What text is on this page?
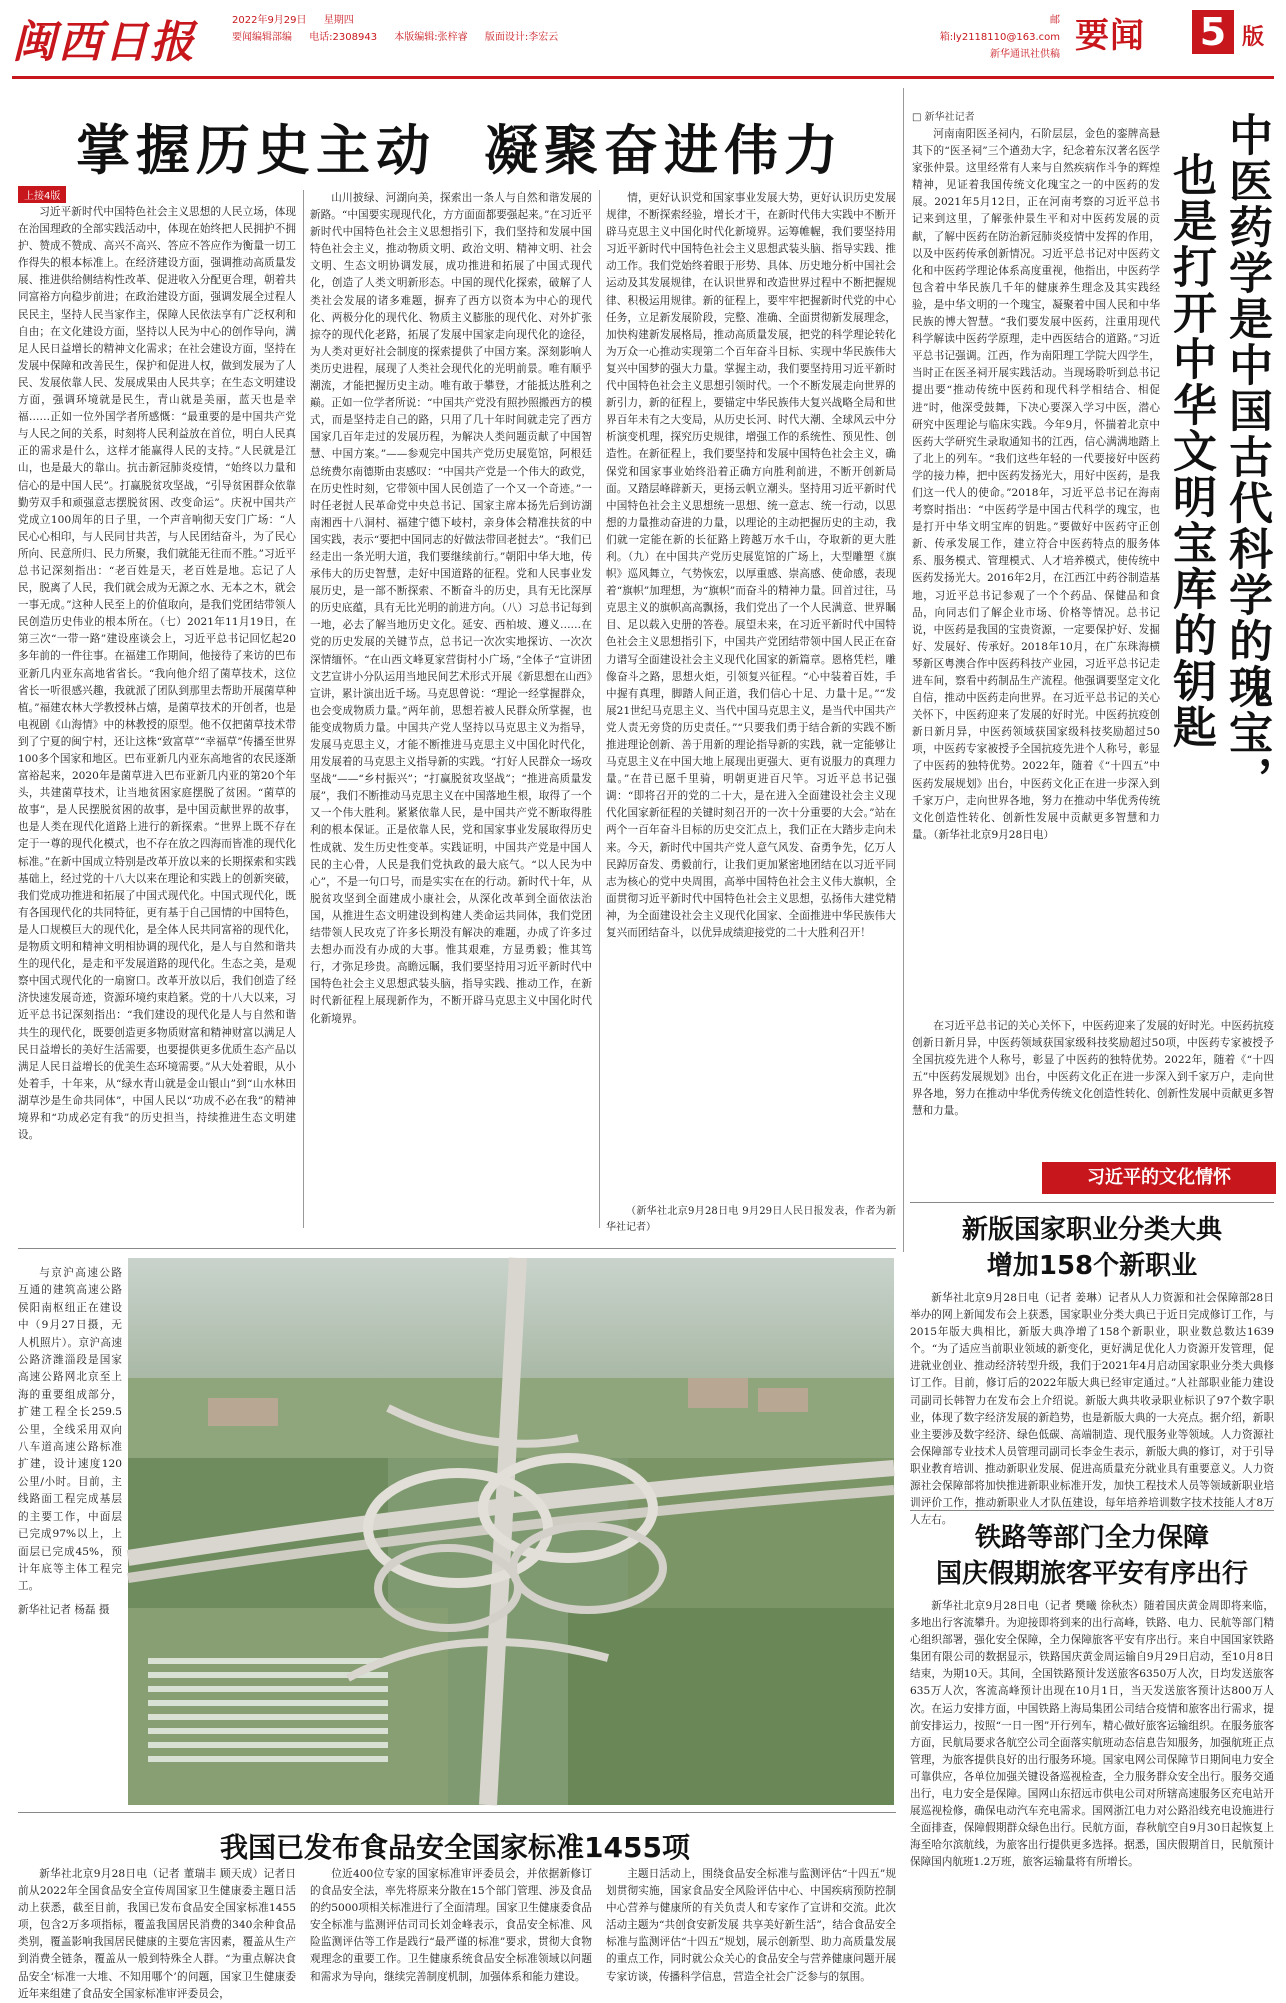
闽西日报	2022年9月29日 星期四
要闻编辑部编 电话:2308943 本版编辑:张梓睿 版面设计:李宏云
邮箱:ly2118110@163.com
新华通讯社供稿 要闻 5 版
掌握历史主动 凝聚奋进伟力
上接4版

习近平新时代中国特色社会主义思想的人民立场，体现在治国理政的全部实践活动中，体现在始终把人民拥护不拥护、赞成不赞成、高兴不高兴、答应不答应作为衡量一切工作得失的根本标准上。在经济建设方面，强调推动高质量发展、推进供给侧结构性改革、促进收入分配更合理，朝着共同富裕方向稳步前进；在政治建设方面，强调发展全过程人民民主，坚持人民当家作主，保障人民依法享有广泛权利和自由；在文化建设方面，坚持以人民为中心的创作导向，满足人民日益增长的精神文化需求；在社会建设方面，坚持在发展中保障和改善民生，保护和促进人权，做到发展为了人民、发展依靠人民、发展成果由人民共享；在生态文明建设方面，强调环境就是民生，青山就是美丽，蓝天也是幸福……正如一位外国学者所感慨：“最重要的是中国共产党与人民之间的关系，时刻将人民利益放在首位，明白人民真正的需求是什么，这样才能赢得人民的支持。”人民就是江山，也是最大的靠山。抗击新冠肺炎疫情，“始终以力量和信心的是中国人民”。打赢脱贫攻坚战，“引导贫困群众依靠勤劳双手和顽强意志摆脱贫困、改变命运”。庆祝中国共产党成立100周年的日子里，一个声音响彻天安门广场：“人民心心相印，与人民同甘共苦，与人民团结奋斗，为了民心所向、民意所归、民力所聚，我们就能无往而不胜。”习近平总书记深刻指出：“老百姓是天，老百姓是地。忘记了人民，脱离了人民，我们就会成为无源之水、无本之木，就会一事无成。”这种人民至上的价值取向，是我们党团结带领人民创造历史伟业的根本所在。（七）2021年11月19日，在第三次“一带一路”建设座谈会上，习近平总书记回忆起20多年前的一件往事。在福建工作期间，他接待了来访的巴布亚新几内亚东高地省省长。“我向他介绍了菌草技术，这位省长一听很感兴趣，我就派了团队到那里去帮助开展菌草种植。”福建农林大学教授林占熺，是菌草技术的开创者，也是电视剧《山海情》中的林教授的原型。他不仅把菌草技术带到了宁夏的闽宁村，还让这株“致富草”“幸福草”传播至世界100多个国家和地区。巴布亚新几内亚东高地省的农民逐渐富裕起来，2020年是菌草进入巴布亚新几内亚的第20个年头，共建菌草技术，让当地贫困家庭摆脱了贫困。“菌草的故事”，是人民摆脱贫困的故事，是中国贡献世界的故事，也是人类在现代化道路上进行的新探索。“世界上既不存在定于一尊的现代化模式，也不存在放之四海而皆准的现代化标准。”在新中国成立特别是改革开放以来的长期探索和实践基础上，经过党的十八大以来在理论和实践上的创新突破，我们党成功推进和拓展了中国式现代化。中国式现代化，既有各国现代化的共同特征，更有基于自己国情的中国特色，是人口规模巨大的现代化，是全体人民共同富裕的现代化，是物质文明和精神文明相协调的现代化，是人与自然和谐共生的现代化，是走和平发展道路的现代化。生态之美，是观察中国式现代化的一扇窗口。改革开放以后，我们创造了经济快速发展奇迹，资源环境约束趋紧。党的十八大以来，习近平总书记深刻指出：“我们建设的现代化是人与自然和谐共生的现代化，既要创造更多物质财富和精神财富以满足人民日益增长的美好生活需要，也要提供更多优质生态产品以满足人民日益增长的优美生态环境需要。”从大处着眼，从小处着手，十年来，从“绿水青山就是金山银山”到“山水林田湖草沙是生命共同体”，中国人民以“功成不必在我”的精神境界和“功成必定有我”的历史担当，持续推进生态文明建设。

山川披绿、河湖向美，探索出一条人与自然和谐发展的新路。“中国要实现现代化，方方面面都要强起来。”在习近平新时代中国特色社会主义思想指引下，我们坚持和发展中国特色社会主义，推动物质文明、政治文明、精神文明、社会文明、生态文明协调发展，成功推进和拓展了中国式现代化，创造了人类文明新形态。中国的现代化探索，破解了人类社会发展的诸多难题，摒弃了西方以资本为中心的现代化、两极分化的现代化、物质主义膨胀的现代化、对外扩张掠夺的现代化老路，拓展了发展中国家走向现代化的途径，为人类对更好社会制度的探索提供了中国方案。深刻影响人类历史进程，展现了人类社会现代化的光明前景。唯有顺乎潮流，才能把握历史主动。唯有敢于攀登，才能抵达胜利之巅。正如一位学者所说：“中国共产党没有照抄照搬西方的模式，而是坚持走自己的路，只用了几十年时间就走完了西方国家几百年走过的发展历程，为解决人类问题贡献了中国智慧、中国方案。”——参观完中国共产党历史展览馆，阿根廷总统费尔南德斯由衷感叹：“中国共产党是一个伟大的政党，在历史性时刻，它带领中国人民创造了一个又一个奇迹。”一时任老挝人民革命党中央总书记、国家主席本扬先后到访湖南湘西十八洞村、福建宁德下岐村，亲身体会精准扶贫的中国实践，表示“要把中国同志的好做法带回老挝去”。“我们已经走出一条光明大道，我们要继续前行。”朝阳中华大地，传承伟大的历史智慧，走好中国道路的征程。党和人民事业发展历史，是一部不断探索、不断奋斗的历史，具有无比深厚的历史底蕴，具有无比光明的前进方向。（八）习总书记每到一地，必去了解当地历史文化。延安、西柏坡、遵义……在党的历史发展的关键节点，总书记一次次实地探访、一次次深情缅怀。“在山西文峰夏家营街村小广场，”全体子“宣讲团文艺宣讲小分队运用当地民间艺术形式开展《新思想在山西》宣讲，累计演出近千场。马克思曾说：“理论一经掌握群众，也会变成物质力量。”两年前，思想若被人民群众所掌握，也能变成物质力量。中国共产党人坚持以马克思主义为指导，发展马克思主义，才能不断推进马克思主义中国化时代化，用发展着的马克思主义指导新的实践。“打好人民群众一场攻坚战”——“乡村振兴”；“打赢脱贫攻坚战”；“推进高质量发展”，我们不断推动马克思主义在中国落地生根，取得了一个又一个伟大胜利。紧紧依靠人民，是中国共产党不断取得胜利的根本保证。正是依靠人民，党和国家事业发展取得历史性成就、发生历史性变革。实践证明，中国共产党是中国人民的主心骨，人民是我们党执政的最大底气。“以人民为中心”，不是一句口号，而是实实在在的行动。新时代十年，从脱贫攻坚到全面建成小康社会，从深化改革到全面依法治国，从推进生态文明建设到构建人类命运共同体，我们党团结带领人民攻克了许多长期没有解决的难题，办成了许多过去想办而没有办成的大事。惟其艰难，方显勇毅；惟其笃行，才弥足珍贵。高瞻远瞩，我们要坚持用习近平新时代中国特色社会主义思想武装头脑，指导实践、推动工作，在新时代新征程上展现新作为，不断开辟马克思主义中国化时代化新境界。

情，更好认识党和国家事业发展大势，更好认识历史发展规律，不断探索经验，增长才干，在新时代伟大实践中不断开辟马克思主义中国化时代化新境界。运筹帷幄，我们要坚持用习近平新时代中国特色社会主义思想武装头脑、指导实践、推动工作。我们党始终着眼于形势、具体、历史地分析中国社会运动及其发展规律，在认识世界和改造世界过程中不断把握规律、积极运用规律。新的征程上，要牢牢把握新时代党的中心任务，立足新发展阶段，完整、准确、全面贯彻新发展理念，加快构建新发展格局，推动高质量发展，把党的科学理论转化为万众一心推动实现第二个百年奋斗目标、实现中华民族伟大复兴中国梦的强大力量。掌握主动，我们要坚持用习近平新时代中国特色社会主义思想引领时代。一个不断发展走向世界的新引力，新的征程上，要锚定中华民族伟大复兴战略全局和世界百年未有之大变局，从历史长河、时代大潮、全球风云中分析演变机理，探究历史规律，增强工作的系统性、预见性、创造性。在新征程上，我们要坚持和发展中国特色社会主义，确保党和国家事业始终沿着正确方向胜利前进，不断开创新局面。又踏层峰辟新天，更扬云帆立潮头。坚持用习近平新时代中国特色社会主义思想统一思想、统一意志、统一行动，以思想的力量推动奋进的力量，以理论的主动把握历史的主动，我们就一定能在新的长征路上跨越万水千山，夺取新的更大胜利。（九）在中国共产党历史展览馆的广场上，大型雕塑《旗帜》巡风舞立，气势恢宏，以厚重感、崇高感、使命感，表现着“旗帜”加理想，为“旗帜”而奋斗的精神力量。回首过往，马克思主义的旗帜高高飘扬，我们党出了一个人民满意、世界瞩目、足以载入史册的答卷。展望未来，在习近平新时代中国特色社会主义思想指引下，中国共产党团结带领中国人民正在奋力谱写全面建设社会主义现代化国家的新篇章。恩格凭栏，雕像奋斗之路，思想火炬，引领复兴征程。“心中装着百姓，手中握有真理，脚踏人间正道，我们信心十足、力量十足。”“发展21世纪马克思主义、当代中国马克思主义，是当代中国共产党人责无旁贷的历史责任。”“只要我们勇于结合新的实践不断推进理论创新、善于用新的理论指导新的实践，就一定能够让马克思主义在中国大地上展现出更强大、更有说服力的真理力量。”在昔已愿千里骑，明朝更进百尺竿。习近平总书记强调：“即将召开的党的二十大，是在进入全面建设社会主义现代化国家新征程的关键时刻召开的一次十分重要的大会。”站在两个一百年奋斗目标的历史交汇点上，我们正在大踏步走向未来。今天，新时代中国共产党人意气风发、奋勇争先，亿万人民踔厉奋发、勇毅前行，让我们更加紧密地团结在以习近平同志为核心的党中央周围，高举中国特色社会主义伟大旗帜，全面贯彻习近平新时代中国特色社会主义思想，弘扬伟大建党精神，为全面建设社会主义现代化国家、全面推进中华民族伟大复兴而团结奋斗，以优异成绩迎接党的二十大胜利召开！

（新华社北京9月28日电 9月29日人民日报发表，作者为新华社记者）

□ 新华社记者

河南南阳医圣祠内，石阶层层，金色的銮牌高悬其下的“医圣祠”三个遒劲大字，纪念着东汉著名医学家张仲景。这里经常有人来与自然疾病作斗争的辉煌精神，见证着我国传统文化瑰宝之一的中医药的发展。2021年5月12日，正在河南考察的习近平总书记来到这里，了解张仲景生平和对中医药发展的贡献，了解中医药在防治新冠肺炎疫情中发挥的作用，以及中医药传承创新情况。习近平总书记对中医药文化和中医药学理论体系高度重视，他指出，中医药学包含着中华民族几千年的健康养生理念及其实践经验，是中华文明的一个瑰宝，凝聚着中国人民和中华民族的博大智慧。“我们要发展中医药，注重用现代科学解读中医药学原理，走中西医结合的道路。”习近平总书记强调。江西，作为南阳理工学院大四学生，当时正在医圣祠开展实践活动。当现场聆听到总书记提出要“推动传统中医药和现代科学相结合、相促进”时，他深受鼓舞，下决心要深入学习中医，潜心研究中医理论与临床实践。今年9月，怀揣着北京中医药大学研究生录取通知书的江西，信心满满地踏上了北上的列车。“我们这些年轻的一代要接好中医药学的接力棒，把中医药发扬光大，用好中医药，是我们这一代人的使命。”2018年，习近平总书记在海南考察时指出：“中医药学是中国古代科学的瑰宝，也是打开中华文明宝库的钥匙。”要做好中医药守正创新、传承发展工作，建立符合中医药特点的服务体系、服务模式、管理模式、人才培养模式，使传统中医药发扬光大。2016年2月，在江西江中药谷制造基地，习近平总书记参观了一个个药品、保健品和食品，向同志们了解企业市场、价格等情况。总书记说，中医药是我国的宝贵资源，一定要保护好、发掘好、发展好、传承好。2018年10月，在广东珠海横琴新区粤澳合作中医药科技产业园，习近平总书记走进车间，察看中药制品生产流程。他强调要坚定文化自信，推动中医药走向世界。在习近平总书记的关心关怀下，中医药迎来了发展的好时光。中医药抗疫创新日新月异，中医药领域获国家级科技奖励超过50项，中医药专家被授予全国抗疫先进个人称号，彰显了中医药的独特优势。2022年，随着《“十四五”中医药发展规划》出台，中医药文化正在进一步深入到千家万户，走向世界各地，努力在推动中华优秀传统文化创造性转化、创新性发展中贡献更多智慧和力量。（新华社北京9月28日电）

中医药学是中国古代科学的瑰宝，
也是打开中华文明宝库的钥匙

在习近平总书记的关心关怀下，中医药迎来了发展的好时光。中医药抗疫创新日新月异，中医药领域获国家级科技奖励超过50项，中医药专家被授予全国抗疫先进个人称号，彰显了中医药的独特优势。2022年，随着《“十四五”中医药发展规划》出台，中医药文化正在进一步深入到千家万户，走向世界各地，努力在推动中华优秀传统文化创造性转化、创新性发展中贡献更多智慧和力量。

习近平的文化情怀
新版国家职业分类大典
增加158个新职业

新华社北京9月28日电（记者 姜琳）记者从人力资源和社会保障部28日举办的网上新闻发布会上获悉，国家职业分类大典已于近日完成修订工作，与2015年版大典相比，新版大典净增了158个新职业，职业数总数达1639个。“为了适应当前职业领域的新变化，更好满足优化人力资源开发管理，促进就业创业、推动经济转型升级，我们于2021年4月启动国家职业分类大典修订工作。目前，修订后的2022年版大典已经审定通过。”人社部职业能力建设司副司长韩智力在发布会上介绍说。新版大典共收录职业标识了97个数字职业，体现了数字经济发展的新趋势，也是新版大典的一大亮点。据介绍，新职业主要涉及数字经济、绿色低碳、高端制造、现代服务业等领域。人力资源社会保障部专业技术人员管理司副司长李金生表示，新版大典的修订，对于引导职业教育培训、推动新职业发展、促进高质量充分就业具有重要意义。人力资源社会保障部将加快推进新职业标准开发，加快工程技术人员等领域新职业培训评价工作，推动新职业人才队伍建设，每年培养培训数字技术技能人才8万人左右。

铁路等部门全力保障
国庆假期旅客平安有序出行

新华社北京9月28日电（记者 樊曦 徐秋杰）随着国庆黄金周即将来临，多地出行客流攀升。为迎接即将到来的出行高峰，铁路、电力、民航等部门精心组织部署，强化安全保障，全力保障旅客平安有序出行。来自中国国家铁路集团有限公司的数据显示，铁路国庆黄金周运输自9月29日启动，至10月8日结束，为期10天。其间，全国铁路预计发送旅客6350万人次，日均发送旅客635万人次，客流高峰预计出现在10月1日，当天发送旅客预计达800万人次。在运力安排方面，中国铁路上海局集团公司结合疫情和旅客出行需求，提前安排运力，按照“一日一图”开行列车，精心做好旅客运输组织。在服务旅客方面，民航局要求各航空公司全面落实航班动态信息告知服务，加强航班正点管理，为旅客提供良好的出行服务环境。国家电网公司保障节日期间电力安全可靠供应，各单位加强关键设备巡视检查，全力服务群众安全出行。服务交通出行，电力安全是保障。国网山东招远市供电公司对所辖高速服务区充电站开展巡视检修，确保电动汽车充电需求。国网浙江电力对公路沿线充电设施进行全面排查，保障假期群众绿色出行。民航方面，春秋航空自9月30日起恢复上海至哈尔滨航线，为旅客出行提供更多选择。据悉，国庆假期首日，民航预计保障国内航班1.2万班，旅客运输量将有所增长。

与京沪高速公路互通的建筑高速公路侯阳南枢纽正在建设中（9月27日摄，无人机照片）。京沪高速公路济潍淄段是国家高速公路网北京至上海的重要组成部分，扩建工程全长259.5公里，全线采用双向八车道高速公路标准扩建，设计速度120公里/小时。目前，主线路面工程完成基层的主要工作，中面层已完成97%以上，上面层已完成45%，预计年底等主体工程完工。
新华社记者 杨磊 摄
我国已发布食品安全国家标准1455项

新华社北京9月28日电（记者 董瑞丰 顾天成）记者日前从2022年全国食品安全宣传周国家卫生健康委主题日活动上获悉，截至目前，我国已发布食品安全国家标准1455项，包含2万多项指标，覆盖我国居民消费的340余种食品类别，覆盖影响我国居民健康的主要危害因素，覆盖从生产到消费全链条，覆盖从一般到特殊全人群。“为重点解决食品安全‘标准一大堆、不知用哪个’的问题，国家卫生健康委近年来组建了食品安全国家标准审评委员会，

位近400位专家的国家标准审评委员会，并依据新修订的食品安全法，率先将原来分散在15个部门管理、涉及食品的约5000项相关标准进行了全面清理。国家卫生健康委食品安全标准与监测评估司司长刘金峰表示，食品安全标准、风险监测评估等工作是践行“最严谨的标准”要求，贯彻大食物观理念的重要工作。卫生健康系统食品安全标准领域以问题和需求为导向，继续完善制度机制，加强体系和能力建设。

主题日活动上，围绕食品安全标准与监测评估“十四五”规划贯彻实施，国家食品安全风险评估中心、中国疾病预防控制中心营养与健康所的有关负责人和专家作了宣讲和交流。此次活动主题为“共创食安新发展 共享美好新生活”，结合食品安全标准与监测评估“十四五”规划，展示创新型、助力高质量发展的重点工作，同时就公众关心的食品安全与营养健康问题开展专家访谈，传播科学信息，营造全社会广泛参与的氛围。
